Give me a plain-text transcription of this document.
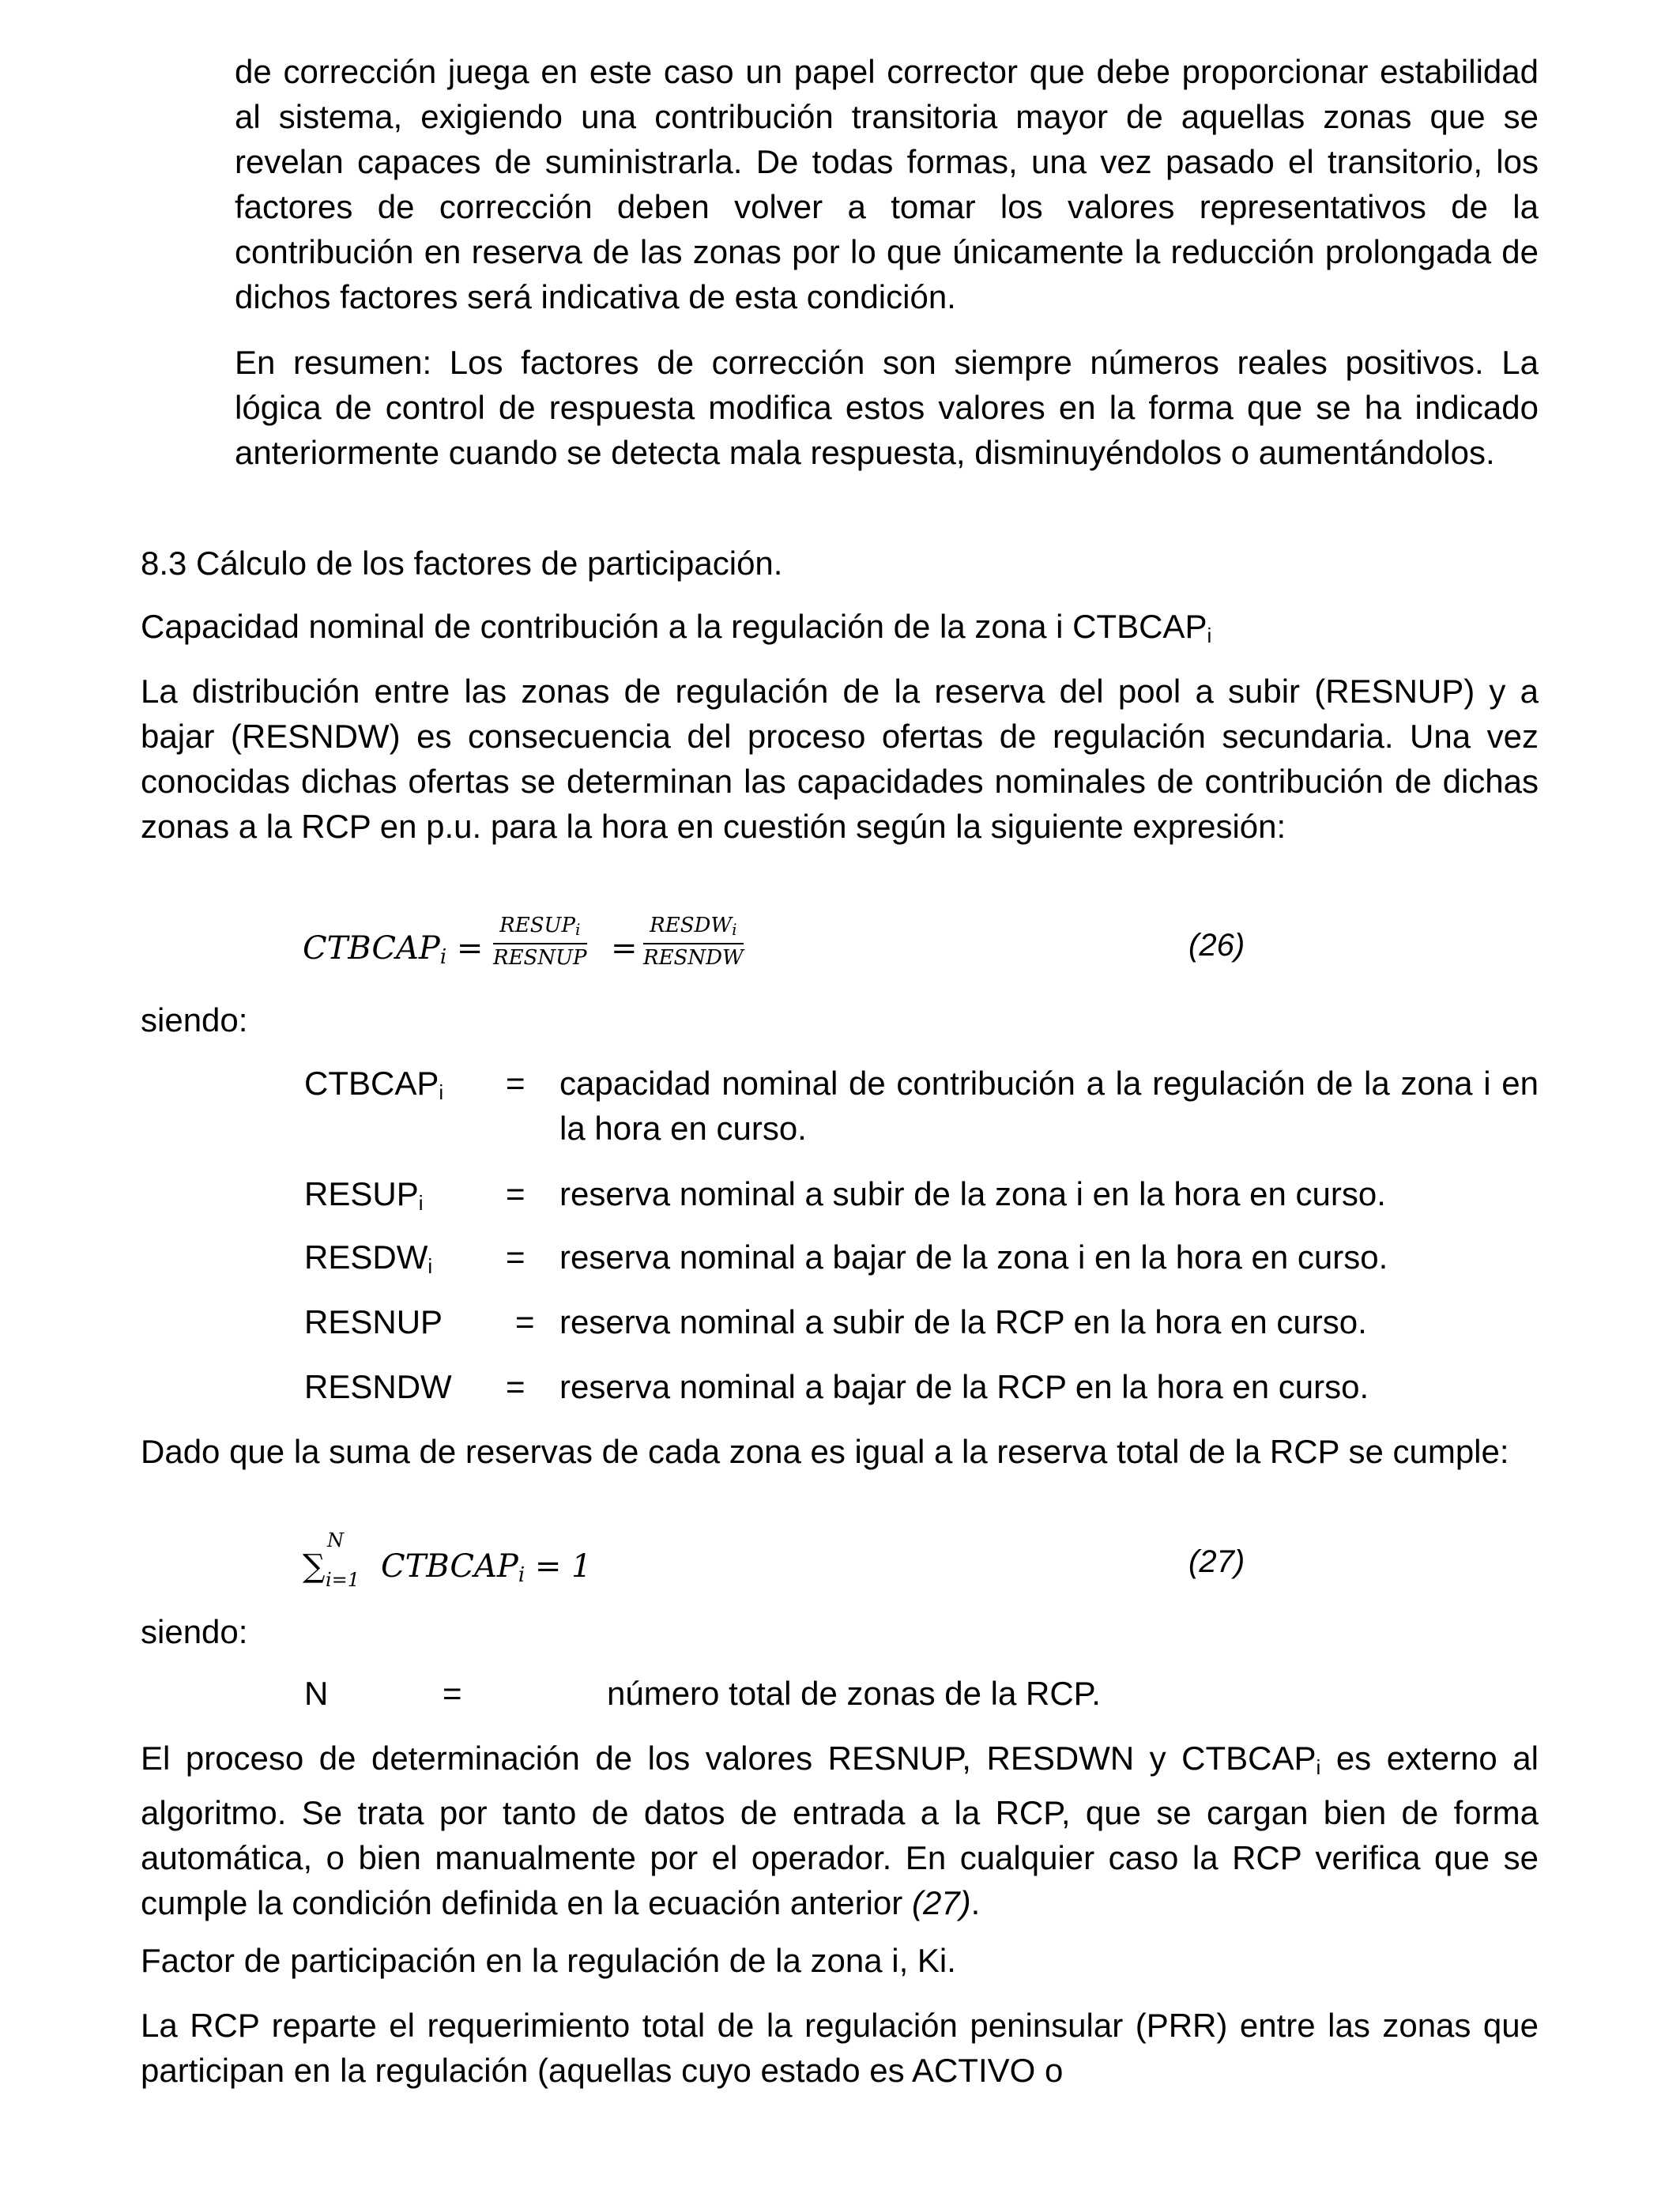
de corrección juega en este caso un papel corrector que debe proporcionar estabilidad al sistema, exigiendo una contribución transitoria mayor de aquellas zonas que se revelan capaces de suministrarla. De todas formas, una vez pasado el transitorio, los factores de corrección deben volver a tomar los valores representativos de la contribución en reserva de las zonas por lo que únicamente la reducción prolongada de dichos factores será indicativa de esta condición.

En resumen: Los factores de corrección son siempre números reales positivos. La lógica de control de respuesta modifica estos valores en la forma que se ha indicado anteriormente cuando se detecta mala respuesta, disminuyéndolos o aumentándolos.

8.3 Cálculo de los factores de participación.
Capacidad nominal de contribución a la regulación de la zona i $CTBCAP_i$

La distribución entre las zonas de regulación de la reserva del pool a subir (RESNUP) y a bajar (RESNDW) es consecuencia del proceso ofertas de regulación secundaria. Una vez conocidas dichas ofertas se determinan las capacidades nominales de contribución de dichas zonas a la RCP en p.u. para la hora en cuestión según la siguiente expresión:

$CTBCAP_i$ =
$RESUP_i$
RESNUP =
$RESDW_i$
RESNDW	(26)
siendo:
$CTBCAP_i$ = capacidad nominal de contribución a la regulación de la zona i en la hora en curso.
$RESUP_i$ = reserva nominal a subir de la zona i en la hora en curso.
$RESDW_i$ = reserva nominal a bajar de la zona i en la hora en curso.
RESNUP = reserva nominal a subir de la RCP en la hora en curso.
RESNDW = reserva nominal a bajar de la RCP en la hora en curso.

Dado que la suma de reservas de cada zona es igual a la reserva total de la RCP se cumple:

∑
N
i=1 $CTBCAP_i = 1$	(27)
siendo:
N	=	número total de zonas de la RCP.

El proceso de determinación de los valores RESNUP, RESDWN y $CTBCAP_i$ es externo al algoritmo. Se trata por tanto de datos de entrada a la RCP, que se cargan bien de forma automática, o bien manualmente por el operador. En cualquier caso la RCP verifica que se cumple la condición definida en la ecuación anterior (27).

Factor de participación en la regulación de la zona i, Ki.

La RCP reparte el requerimiento total de la regulación peninsular (PRR) entre las zonas que participan en la regulación (aquellas cuyo estado es ACTIVO o
